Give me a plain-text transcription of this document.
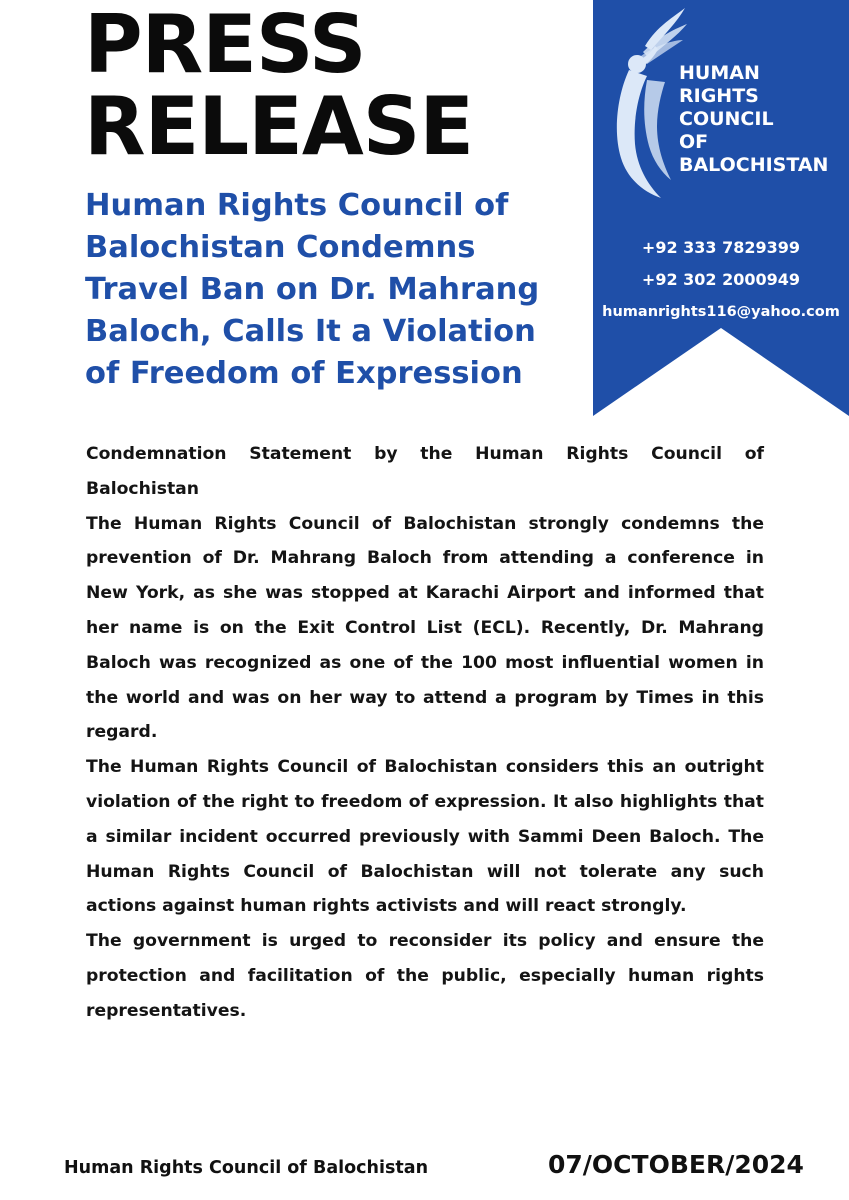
PRESS
RELEASE
Human Rights Council of Balochistan Condemns Travel Ban on Dr. Mahrang Baloch, Calls It a Violation of Freedom of Expression
HUMAN
RIGHTS
COUNCIL
OF
BALOCHISTAN
+92 333 7829399
+92 302 2000949
humanrights116@yahoo.com

Condemnation Statement by the Human Rights Council of Balochistan

The Human Rights Council of Balochistan strongly condemns the prevention of Dr. Mahrang Baloch from attending a conference in New York, as she was stopped at Karachi Airport and informed that her name is on the Exit Control List (ECL). Recently, Dr. Mahrang Baloch was recognized as one of the 100 most influential women in the world and was on her way to attend a program by Times in this regard.

The Human Rights Council of Balochistan considers this an outright violation of the right to freedom of expression. It also highlights that a similar incident occurred previously with Sammi Deen Baloch. The Human Rights Council of Balochistan will not tolerate any such actions against human rights activists and will react strongly.

The government is urged to reconsider its policy and ensure the protection and facilitation of the public, especially human rights representatives.

Human Rights Council of Balochistan	07/OCTOBER/2024
